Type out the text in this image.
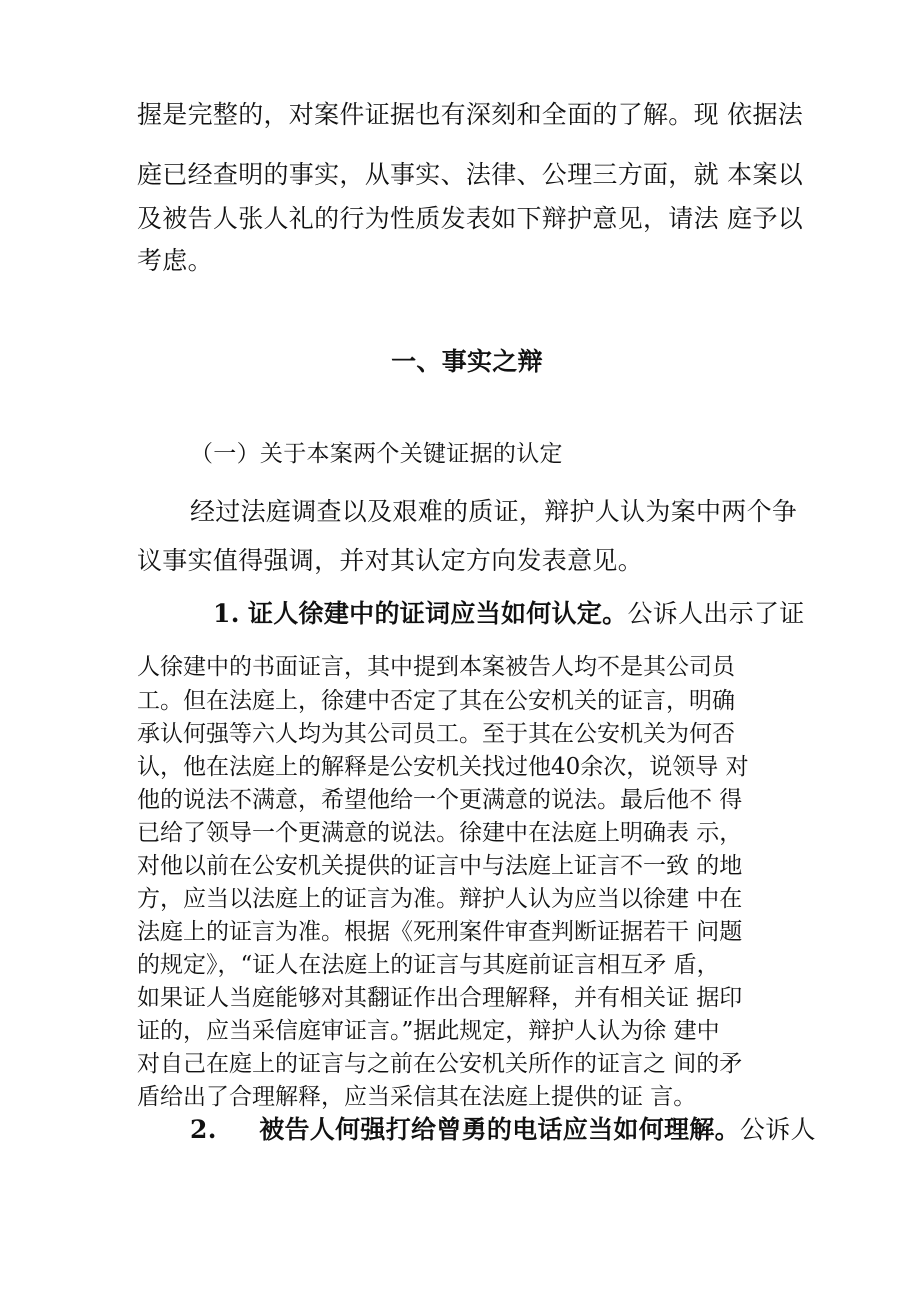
握是完整的，对案件证据也有深刻和全面的了解。现 依据法
庭已经查明的事实，从事实、法律、公理三方面，就 本案以
及被告人张人礼的行为性质发表如下辩护意见，请法 庭予以
考虑。
一、事实之辩
（一）关于本案两个关键证据的认定
经过法庭调查以及艰难的质证，辩护人认为案中两个争
议事实值得强调，并对其认定方向发表意见。
1. 证人徐建中的证词应当如何认定。公诉人出示了证
人徐建中的书面证言，其中提到本案被告人均不是其公司员
工。但在法庭上，徐建中否定了其在公安机关的证言，明确
承认何强等六人均为其公司员工。至于其在公安机关为何否
认，他在法庭上的解释是公安机关找过他40余次，说领导 对
他的说法不满意，希望他给一个更满意的说法。最后他不 得
已给了领导一个更满意的说法。徐建中在法庭上明确表 示，
对他以前在公安机关提供的证言中与法庭上证言不一致 的地
方，应当以法庭上的证言为准。辩护人认为应当以徐建 中在
法庭上的证言为准。根据《死刑案件审查判断证据若干 问题
的规定》，“证人在法庭上的证言与其庭前证言相互矛 盾，
如果证人当庭能够对其翻证作出合理解释，并有相关证 据印
证的，应当采信庭审证言。”据此规定，辩护人认为徐 建中
对自己在庭上的证言与之前在公安机关所作的证言之 间的矛
盾给出了合理解释，应当采信其在法庭上提供的证 言。
2. 被告人何强打给曾勇的电话应当如何理解。公诉人
